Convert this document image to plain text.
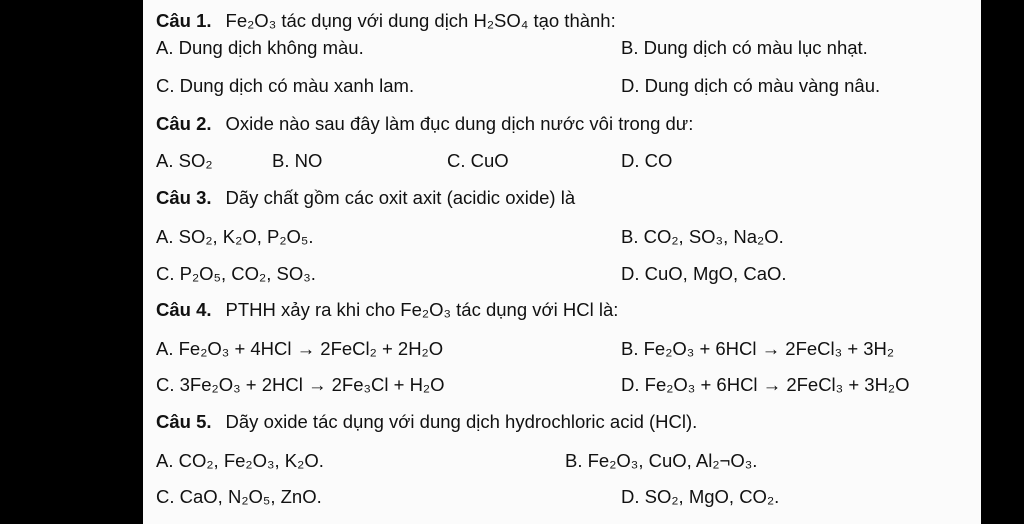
Câu 1. Fe₂O₃ tác dụng với dung dịch H₂SO₄ tạo thành:
A. Dung dịch không màu.	B. Dung dịch có màu lục nhạt.
C. Dung dịch có màu xanh lam.	D. Dung dịch có màu vàng nâu.
Câu 2. Oxide nào sau đây làm đục dung dịch nước vôi trong dư:
A. SO₂	B. NO	C. CuO	D. CO
Câu 3. Dãy chất gồm các oxit axit (acidic oxide) là
A. SO₂, K₂O, P₂O₅.	B. CO₂, SO₃, Na₂O.
C. P₂O₅, CO₂, SO₃.	D. CuO, MgO, CaO.
Câu 4. PTHH xảy ra khi cho Fe₂O₃ tác dụng với HCl là:
A. Fe₂O₃ + 4HCl → 2FeCl₂ + 2H₂O	B. Fe₂O₃ + 6HCl → 2FeCl₃ + 3H₂
C. 3Fe₂O₃ + 2HCl → 2Fe₃Cl + H₂O	D. Fe₂O₃ + 6HCl → 2FeCl₃ + 3H₂O
Câu 5. Dãy oxide tác dụng với dung dịch hydrochloric acid (HCl).
A. CO₂, Fe₂O₃, K₂O.	B. Fe₂O₃, CuO, Al₂¬O₃.
C. CaO, N₂O₅, ZnO.	D. SO₂, MgO, CO₂.
